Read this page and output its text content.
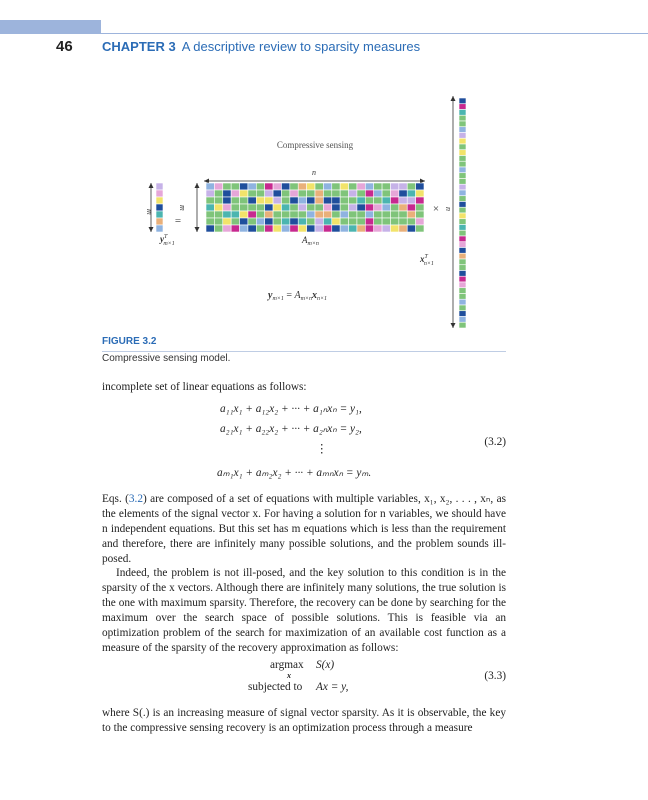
46 CHAPTER 3 A descriptive review to sparsity measures
Compressive sensing
n
m
=
m
$y^T$ m×1	$A_{m\times n}$
× n
$x^T$ n×1
$y_{m\times 1} = A_{m\times n}x_{n\times 1}$
FIGURE 3.2
Compressive sensing model.
incomplete set of linear equations as follows:
a₁₁x₁ + a₁₂x₂ + ··· + a₁ₙxₙ = y₁,
a₂₁x₁ + a₂₂x₂ + ··· + a₂ₙxₙ = y₂,
⋮
aₘ₁x₁ + aₘ₂x₂ + ··· + aₘₙxₙ = yₘ.
(3.2)

Eqs. (3.2) are composed of a set of equations with multiple variables, x₁, x₂, . . . , xₙ, as the elements of the signal vector x. For having a solution for n variables, we should have n independent equations. But this set has m equations which is less than the requirement and therefore, there are infinitely many possible solutions, and the problem sounds ill-posed.

Indeed, the problem is not ill-posed, and the key solution to this condition is in the sparsity of the x vectors. Although there are infinitely many solutions, the true solution is the one with maximum sparsity. Therefore, the recovery can be done by searching for the maximum over the search space of possible solutions. This is feasible via an optimization problem of the search for maximization of an available cost function as a measure of the sparsity of the recovery approximation as follows:

argmax
x
S(x)
subjected to Ax = y,
(3.3)

where S(.) is an increasing measure of signal vector sparsity. As it is observable, the key to the compressive sensing recovery is an optimization process through a measure
